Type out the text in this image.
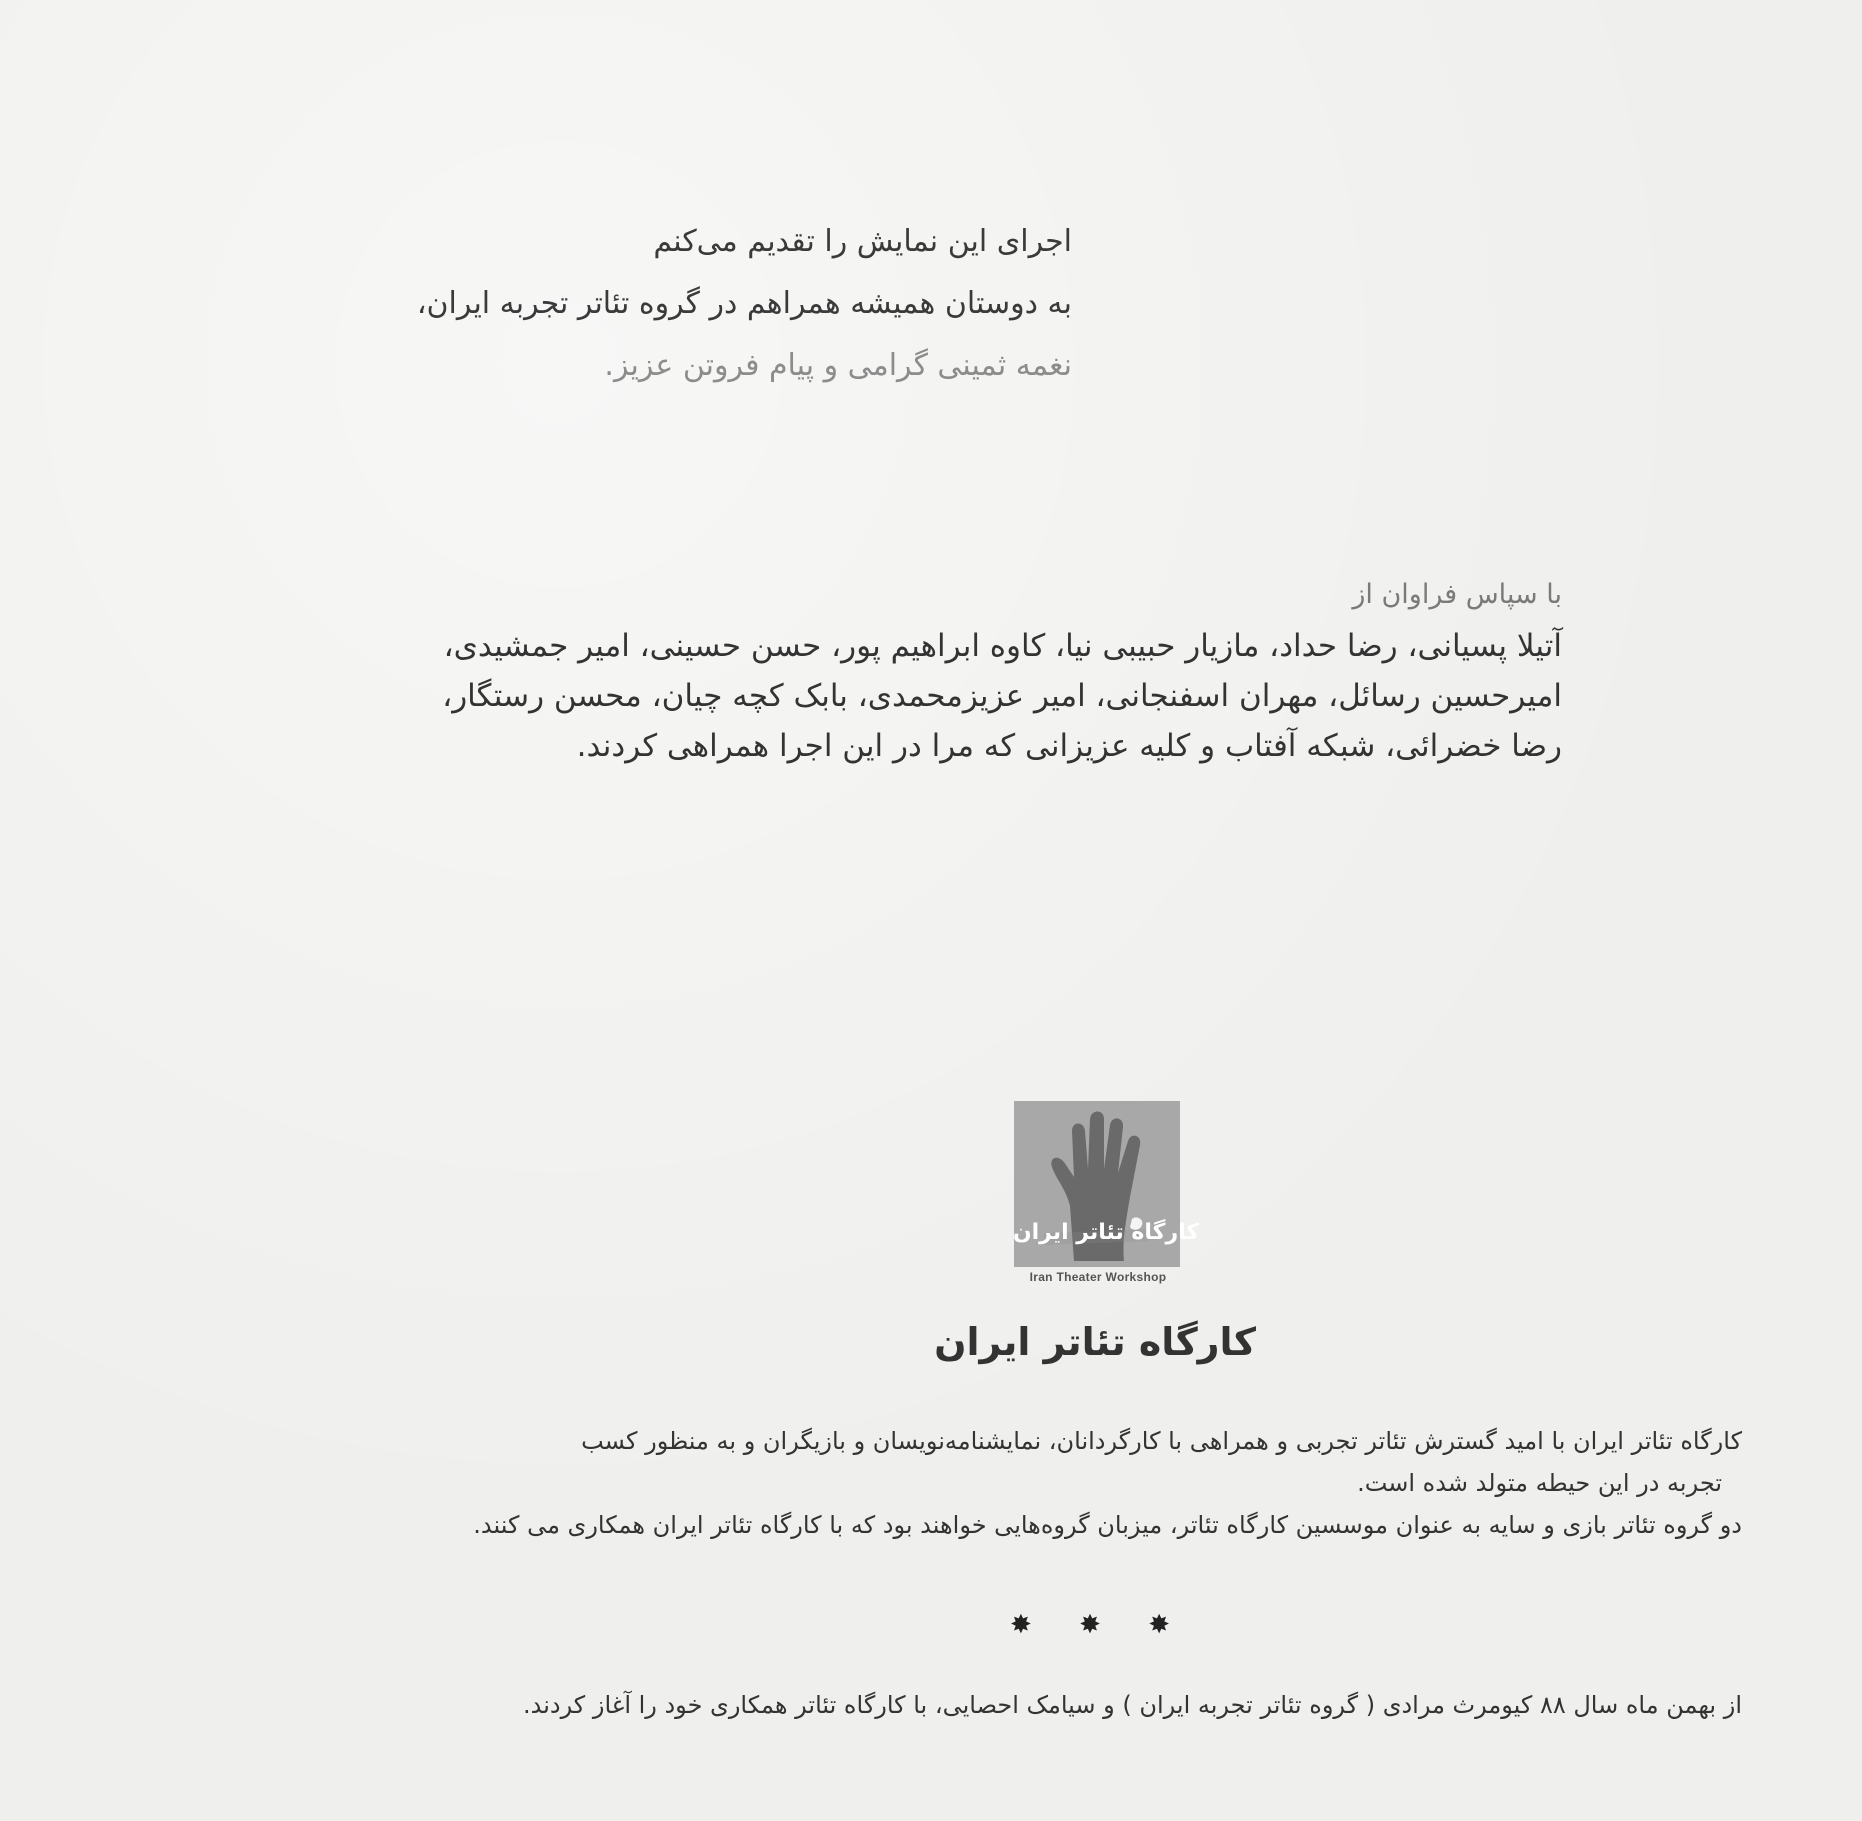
اجرای این نمایش را تقدیم می‌کنم
به دوستان همیشه همراهم در گروه تئاتر تجربه ایران،
نغمه ثمینی گرامی و پیام فروتن عزیز.
با سپاس فراوان از
آتیلا پسیانی، رضا حداد، مازیار حبیبی نیا، کاوه ابراهیم پور، حسن حسینی، امیر جمشیدی،
امیرحسین رسائل، مهران اسفنجانی، امیر عزیزمحمدی، بابک کچه چیان، محسن رستگار،
رضا خضرائی، شبکه آفتاب و کلیه عزیزانی که مرا در این اجرا همراهی کردند.
کارگاه تئاتر ایران
Iran Theater Workshop
کارگاه تئاتر ایران

کارگاه تئاتر ایران با امید گسترش تئاتر تجربی و همراهی با کارگردانان، نمایشنامه‌نویسان و بازیگران و به منظور کسب

تجربه در این حیطه متولد شده است.

دو گروه تئاتر بازی و سایه به عنوان موسسین کارگاه تئاتر، میزبان گروه‌هایی خواهند بود که با کارگاه تئاتر ایران همکاری می کنند.

✸ ✸ ✸
از بهمن ماه سال ۸۸ کیومرث مرادی ( گروه تئاتر تجربه ایران ) و سیامک احصایی، با کارگاه تئاتر همکاری خود را آغاز کردند.
